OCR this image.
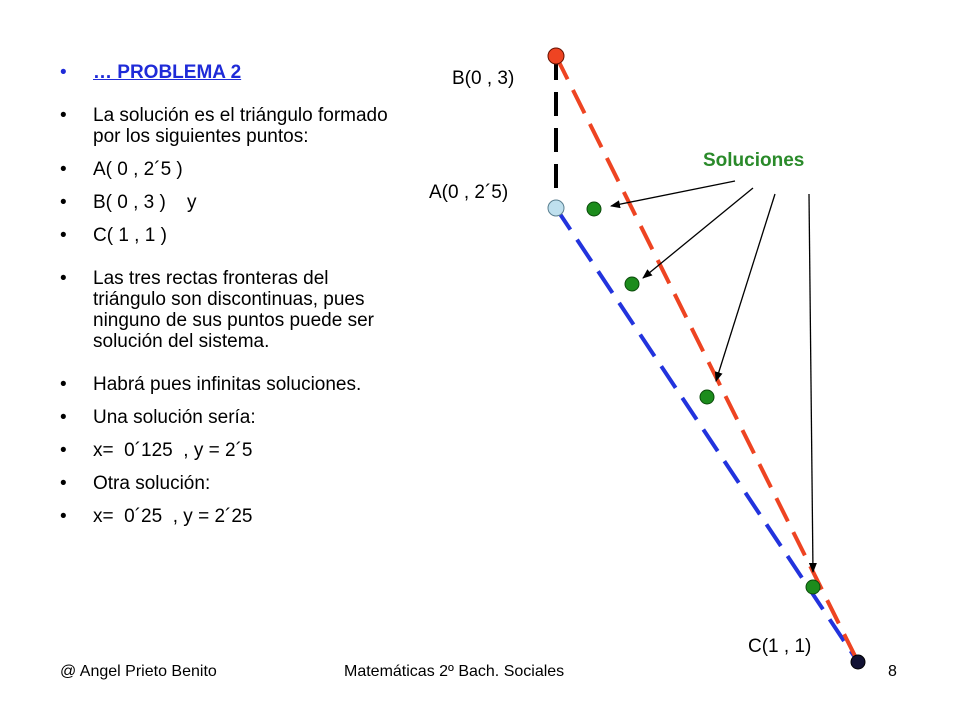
• … PROBLEMA 2
• La solución es el triángulo formado por los siguientes puntos:
• A( 0 , 2´5 )
• B( 0 , 3 )    y
• C( 1 , 1 )
• Las tres rectas fronteras del triángulo son discontinuas, pues ninguno de sus puntos puede ser solución del sistema.
• Habrá pues infinitas soluciones.
• Una solución sería:
• x=  0´125  , y = 2´5
• Otra solución:
• x=  0´25  , y = 2´25
B(0 , 3)
A(0 , 2´5)
C(1 , 1)
Soluciones
@ Angel Prieto Benito	Matemáticas 2º Bach. Sociales	8
